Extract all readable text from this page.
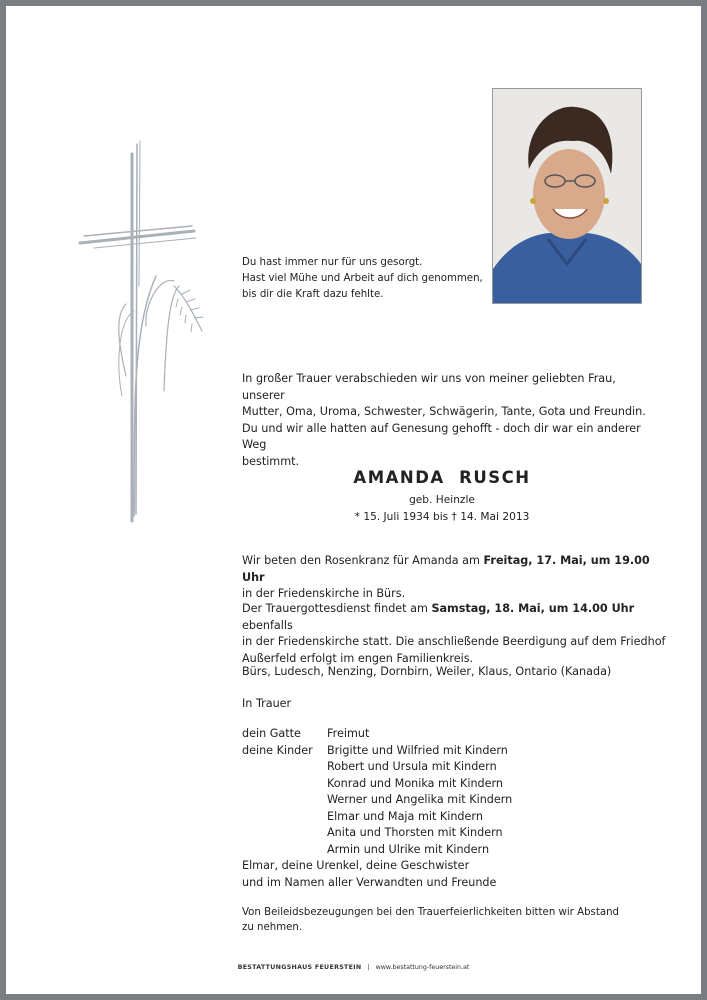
Du hast immer nur für uns gesorgt.
Hast viel Mühe und Arbeit auf dich genommen,
bis dir die Kraft dazu fehlte.
In großer Trauer verabschieden wir uns von meiner geliebten Frau, unserer
Mutter, Oma, Uroma, Schwester, Schwägerin, Tante, Gota und Freundin.
Du und wir alle hatten auf Genesung gehofft - doch dir war ein anderer Weg
bestimmt.
AMANDA  RUSCH
geb. Heinzle
* 15. Juli 1934 bis † 14. Mai 2013
Wir beten den Rosenkranz für Amanda am Freitag, 17. Mai, um 19.00 Uhr
in der Friedenskirche in Bürs.
Der Trauergottesdienst findet am Samstag, 18. Mai, um 14.00 Uhr ebenfalls
in der Friedenskirche statt. Die anschließende Beerdigung auf dem Friedhof
Außerfeld erfolgt im engen Familienkreis.
Bürs, Ludesch, Nenzing, Dornbirn, Weiler, Klaus, Ontario (Kanada)
In Trauer
dein Gatte	Freimut
deine Kinder	Brigitte und Wilfried mit Kindern
Robert und Ursula mit Kindern
Konrad und Monika mit Kindern
Werner und Angelika mit Kindern
Elmar und Maja mit Kindern
Anita und Thorsten mit Kindern
Armin und Ulrike mit Kindern
Elmar, deine Urenkel, deine Geschwister
und im Namen aller Verwandten und Freunde
Von Beileidsbezeugungen bei den Trauerfeierlichkeiten bitten wir Abstand
zu nehmen.
BESTATTUNGSHAUS FEUERSTEIN | www.bestattung-feuerstein.at
